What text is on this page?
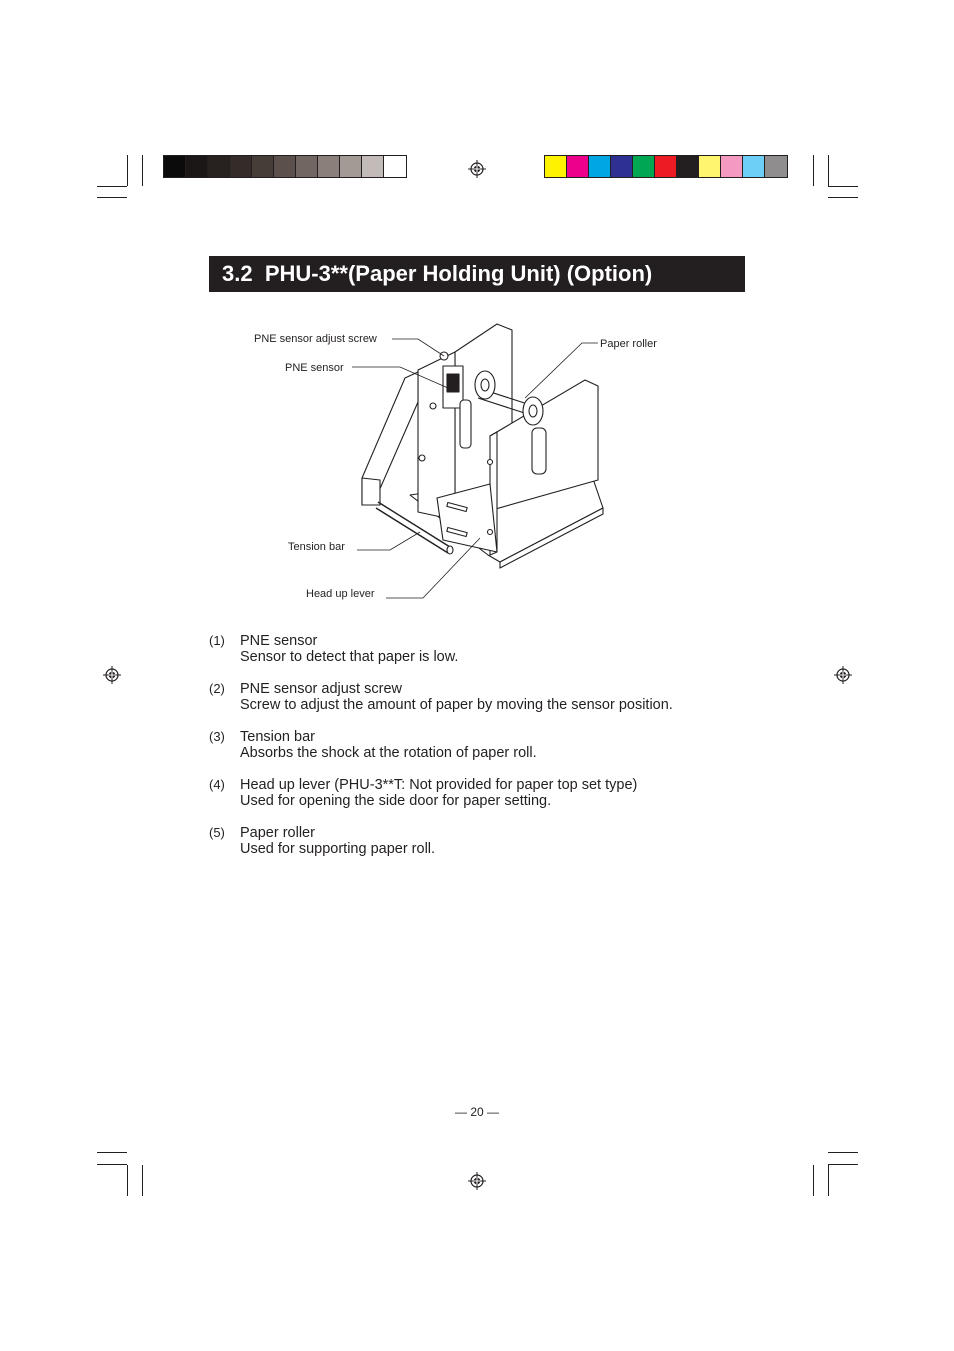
3.2 PHU-3**(Paper Holding Unit) (Option)
PNE sensor adjust screw
PNE sensor
Paper roller
Tension bar
Head up lever
(1)	PNE sensor
Sensor to detect that paper is low.
(2)	PNE sensor adjust screw
Screw to adjust the amount of paper by moving the sensor position.
(3)	Tension bar
Absorbs the shock at the rotation of paper roll.
(4)	Head up lever (PHU-3**T: Not provided for paper top set type)
Used for opening the side door for paper setting.
(5)	Paper roller
Used for supporting paper roll.
— 20 —
